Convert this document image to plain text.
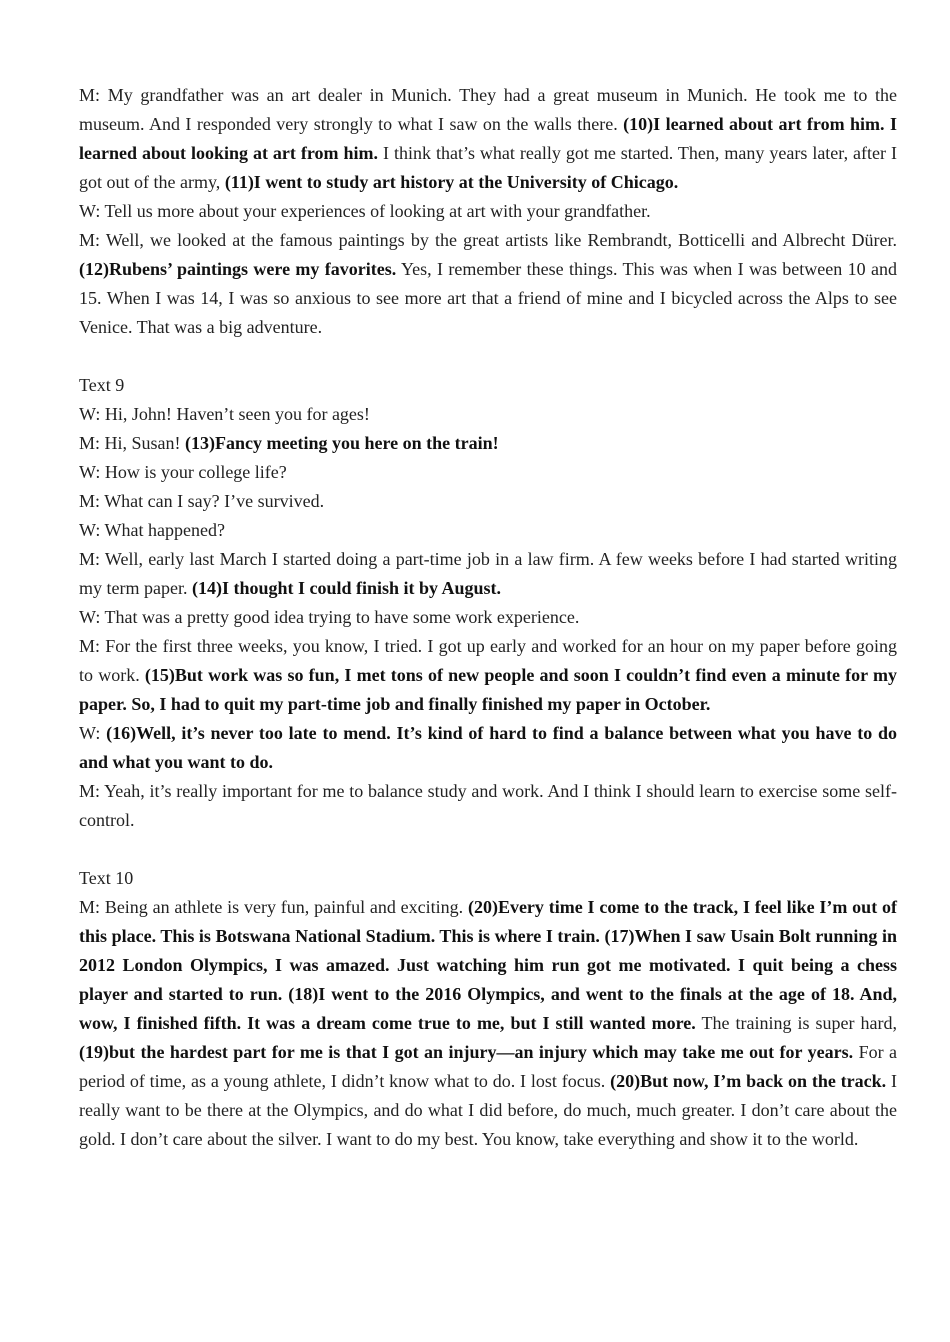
M: My grandfather was an art dealer in Munich. They had a great museum in Munich. He took me to the museum. And I responded very strongly to what I saw on the walls there. (10)I learned about art from him. I learned about looking at art from him. I think that’s what really got me started. Then, many years later, after I got out of the army, (11)I went to study art history at the University of Chicago.

W: Tell us more about your experiences of looking at art with your grandfather.

M: Well, we looked at the famous paintings by the great artists like Rembrandt, Botticelli and Albrecht Dürer. (12)Rubens’ paintings were my favorites. Yes, I remember these things. This was when I was between 10 and 15. When I was 14, I was so anxious to see more art that a friend of mine and I bicycled across the Alps to see Venice. That was a big adventure.

Text 9

W: Hi, John! Haven’t seen you for ages!

M: Hi, Susan! (13)Fancy meeting you here on the train!

W: How is your college life?

M: What can I say? I’ve survived.

W: What happened?

M: Well, early last March I started doing a part-time job in a law firm. A few weeks before I had started writing my term paper. (14)I thought I could finish it by August.

W: That was a pretty good idea trying to have some work experience.

M: For the first three weeks, you know, I tried. I got up early and worked for an hour on my paper before going to work. (15)But work was so fun, I met tons of new people and soon I couldn’t find even a minute for my paper. So, I had to quit my part-time job and finally finished my paper in October.

W: (16)Well, it’s never too late to mend. It’s kind of hard to find a balance between what you have to do and what you want to do.

M: Yeah, it’s really important for me to balance study and work. And I think I should learn to exercise some self-control.

Text 10

M: Being an athlete is very fun, painful and exciting. (20)Every time I come to the track, I feel like I’m out of this place. This is Botswana National Stadium. This is where I train. (17)When I saw Usain Bolt running in 2012 London Olympics, I was amazed. Just watching him run got me motivated. I quit being a chess player and started to run. (18)I went to the 2016 Olympics, and went to the finals at the age of 18. And, wow, I finished fifth. It was a dream come true to me, but I still wanted more. The training is super hard, (19)but the hardest part for me is that I got an injury—an injury which may take me out for years. For a period of time, as a young athlete, I didn’t know what to do. I lost focus. (20)But now, I’m back on the track. I really want to be there at the Olympics, and do what I did before, do much, much greater. I don’t care about the gold. I don’t care about the silver. I want to do my best. You know, take everything and show it to the world.
